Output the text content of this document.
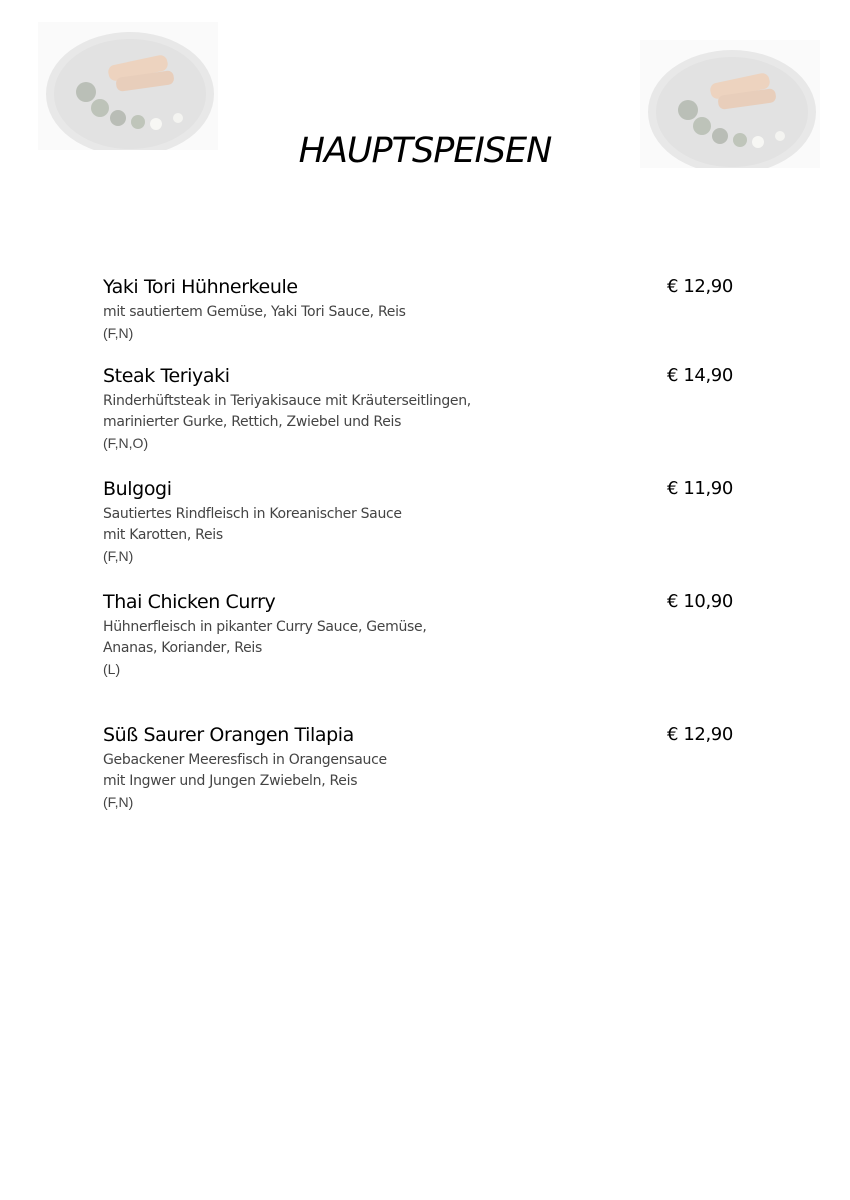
HAUPTSPEISEN
Yaki Tori Hühnerkeule	€ 12,90
mit sautiertem Gemüse, Yaki Tori Sauce, Reis
(F,N)
Steak Teriyaki	€ 14,90
Rinderhüftsteak in Teriyakisauce mit Kräuterseitlingen,
marinierter Gurke, Rettich, Zwiebel und Reis
(F,N,O)
Bulgogi	€ 11,90
Sautiertes Rindfleisch in Koreanischer Sauce
mit Karotten, Reis
(F,N)
Thai Chicken Curry	€ 10,90
Hühnerfleisch in pikanter Curry Sauce, Gemüse,
Ananas, Koriander, Reis
(L)
Süß Saurer Orangen Tilapia	€ 12,90
Gebackener Meeresfisch in Orangensauce
mit Ingwer und Jungen Zwiebeln, Reis
(F,N)
